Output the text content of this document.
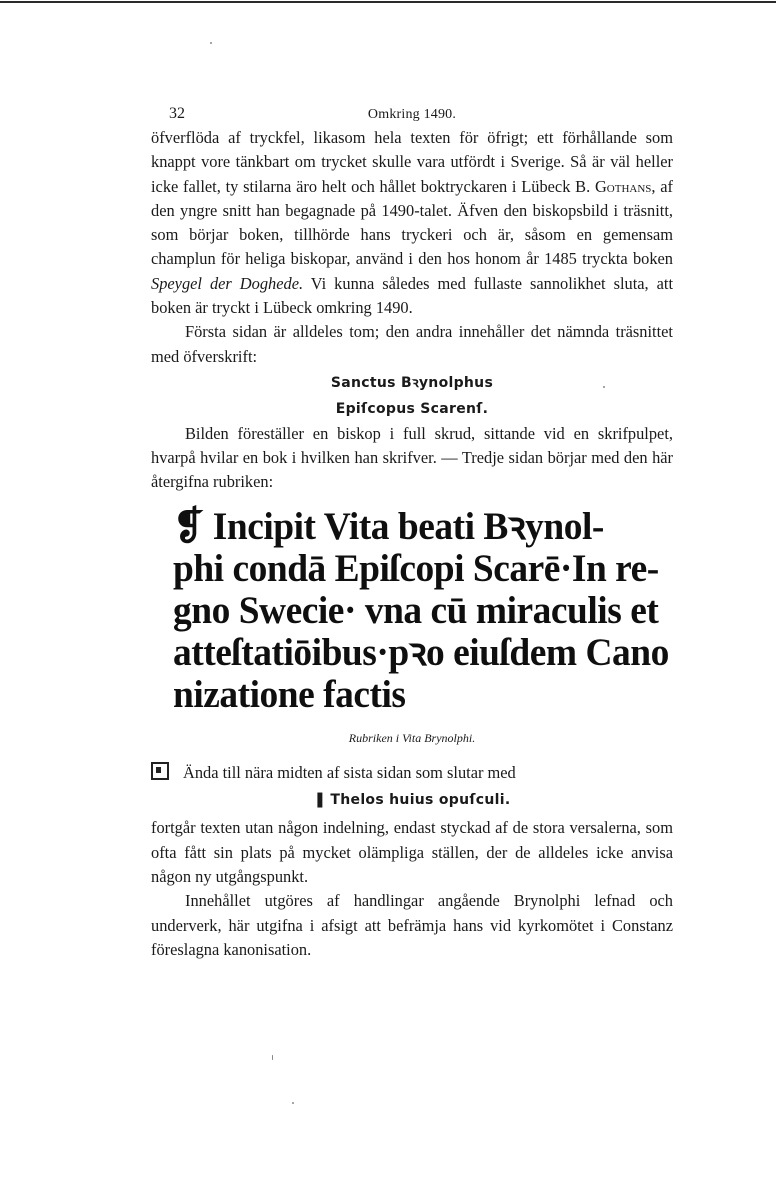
32	Omkring 1490.

öfverflöda af tryckfel, likasom hela texten för öfrigt; ett förhållande som knappt vore tänkbart om trycket skulle vara utfördt i Sverige. Så är väl heller icke fallet, ty stilarna äro helt och hållet boktryckaren i Lübeck B. Gothans, af den yngre snitt han begagnade på 1490-talet. Äfven den biskopsbild i träsnitt, som börjar boken, tillhörde hans tryckeri och är, såsom en gemensam champlun för heliga biskopar, använd i den hos honom år 1485 tryckta boken Speygel der Doghede. Vi kunna således med fullaste sannolikhet sluta, att boken är tryckt i Lübeck omkring 1490.

Första sidan är alldeles tom; den andra innehåller det nämnda träsnittet med öfverskrift:

Sanctus Bꝛynolphus
Epiſcopus Scarenſ.

Bilden föreställer en biskop i full skrud, sittande vid en skrifpulpet, hvarpå hvilar en bok i hvilken han skrifver. — Tredje sidan börjar med den här återgifna rubriken:

❡ Incipit Vita beati Bꝛynol-
phi condā Epiſcopi Scarē·In re-
gno Swecie· vna cū miraculis et
atteſtatiōibus·pꝛo eiuſdem Cano
nizatione factis
Rubriken i Vita Brynolphi.

Ända till nära midten af sista sidan som slutar med

❚ Thelos huius opuſculi.

fortgår texten utan någon indelning, endast styckad af de stora versalerna, som ofta fått sin plats på mycket olämpliga ställen, der de alldeles icke anvisa någon ny utgångspunkt.

Innehållet utgöres af handlingar angående Brynolphi lefnad och underverk, här utgifna i afsigt att befrämja hans vid kyrkomötet i Constanz föreslagna kanonisation.
